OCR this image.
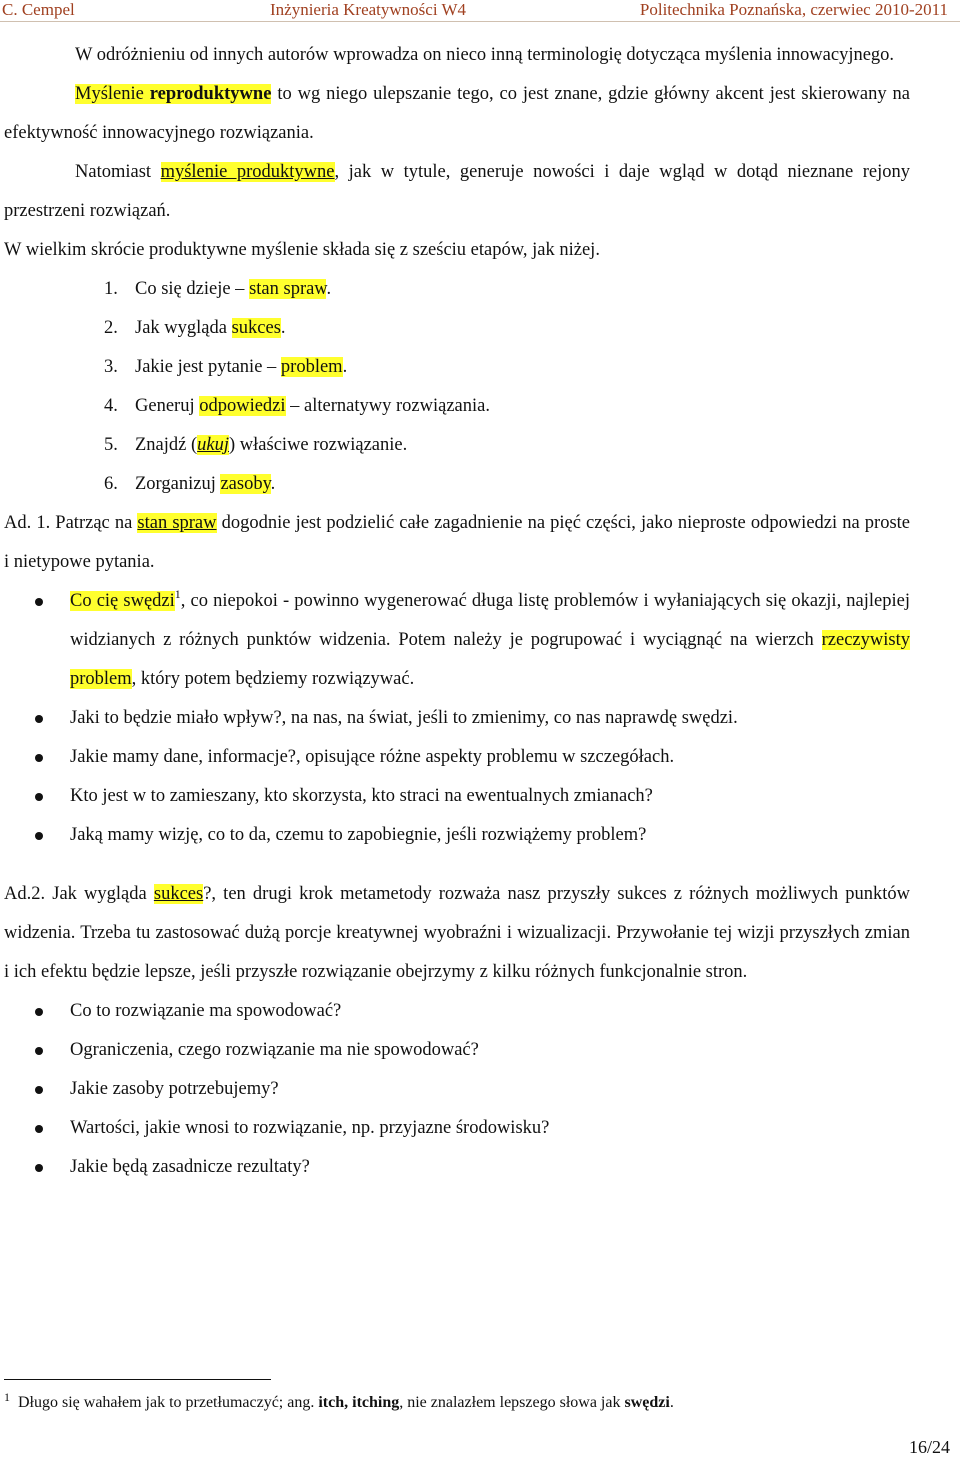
C. Cempel	Inżynieria Kreatywności W4	Politechnika Poznańska, czerwiec 2010-2011

W odróżnieniu od innych autorów wprowadza on nieco inną terminologię dotycząca myślenia innowacyjnego.

Myślenie reproduktywne to wg niego ulepszanie tego, co jest znane, gdzie główny akcent jest skierowany na efektywność innowacyjnego rozwiązania.

Natomiast myślenie produktywne, jak w tytule, generuje nowości i daje wgląd w dotąd nieznane rejony przestrzeni rozwiązań.

W wielkim skrócie produktywne myślenie składa się z sześciu etapów, jak niżej.

1. Co się dzieje – stan spraw.
2. Jak wygląda sukces.
3. Jakie jest pytanie – problem.
4. Generuj odpowiedzi – alternatywy rozwiązania.
5. Znajdź (ukuj) właściwe rozwiązanie.
6. Zorganizuj zasoby.

Ad. 1. Patrząc na stan spraw dogodnie jest podzielić całe zagadnienie na pięć części, jako nieproste odpowiedzi na proste i nietypowe pytania.

Co cię swędzi$^1$, co niepokoi - powinno wygenerować długa listę problemów i wyłaniających się okazji, najlepiej widzianych z różnych punktów widzenia. Potem należy je pogrupować i wyciągnąć na wierzch rzeczywisty problem, który potem będziemy rozwiązywać.
Jaki to będzie miało wpływ?, na nas, na świat, jeśli to zmienimy, co nas naprawdę swędzi.
Jakie mamy dane, informacje?, opisujące różne aspekty problemu w szczegółach.
Kto jest w to zamieszany, kto skorzysta, kto straci na ewentualnych zmianach?
Jaką mamy wizję, co to da, czemu to zapobiegnie, jeśli rozwiążemy problem?

Ad.2. Jak wygląda sukces?, ten drugi krok metametody rozważa nasz przyszły sukces z różnych możliwych punktów widzenia. Trzeba tu zastosować dużą porcje kreatywnej wyobraźni i wizualizacji. Przywołanie tej wizji przyszłych zmian i ich efektu będzie lepsze, jeśli przyszłe rozwiązanie obejrzymy z kilku różnych funkcjonalnie stron.

Co to rozwiązanie ma spowodować?
Ograniczenia, czego rozwiązanie ma nie spowodować?
Jakie zasoby potrzebujemy?
Wartości, jakie wnosi to rozwiązanie, np. przyjazne środowisku?
Jakie będą zasadnicze rezultaty?
$^1$ Długo się wahałem jak to przetłumaczyć; ang. itch, itching, nie znalazłem lepszego słowa jak swędzi.
16/24
